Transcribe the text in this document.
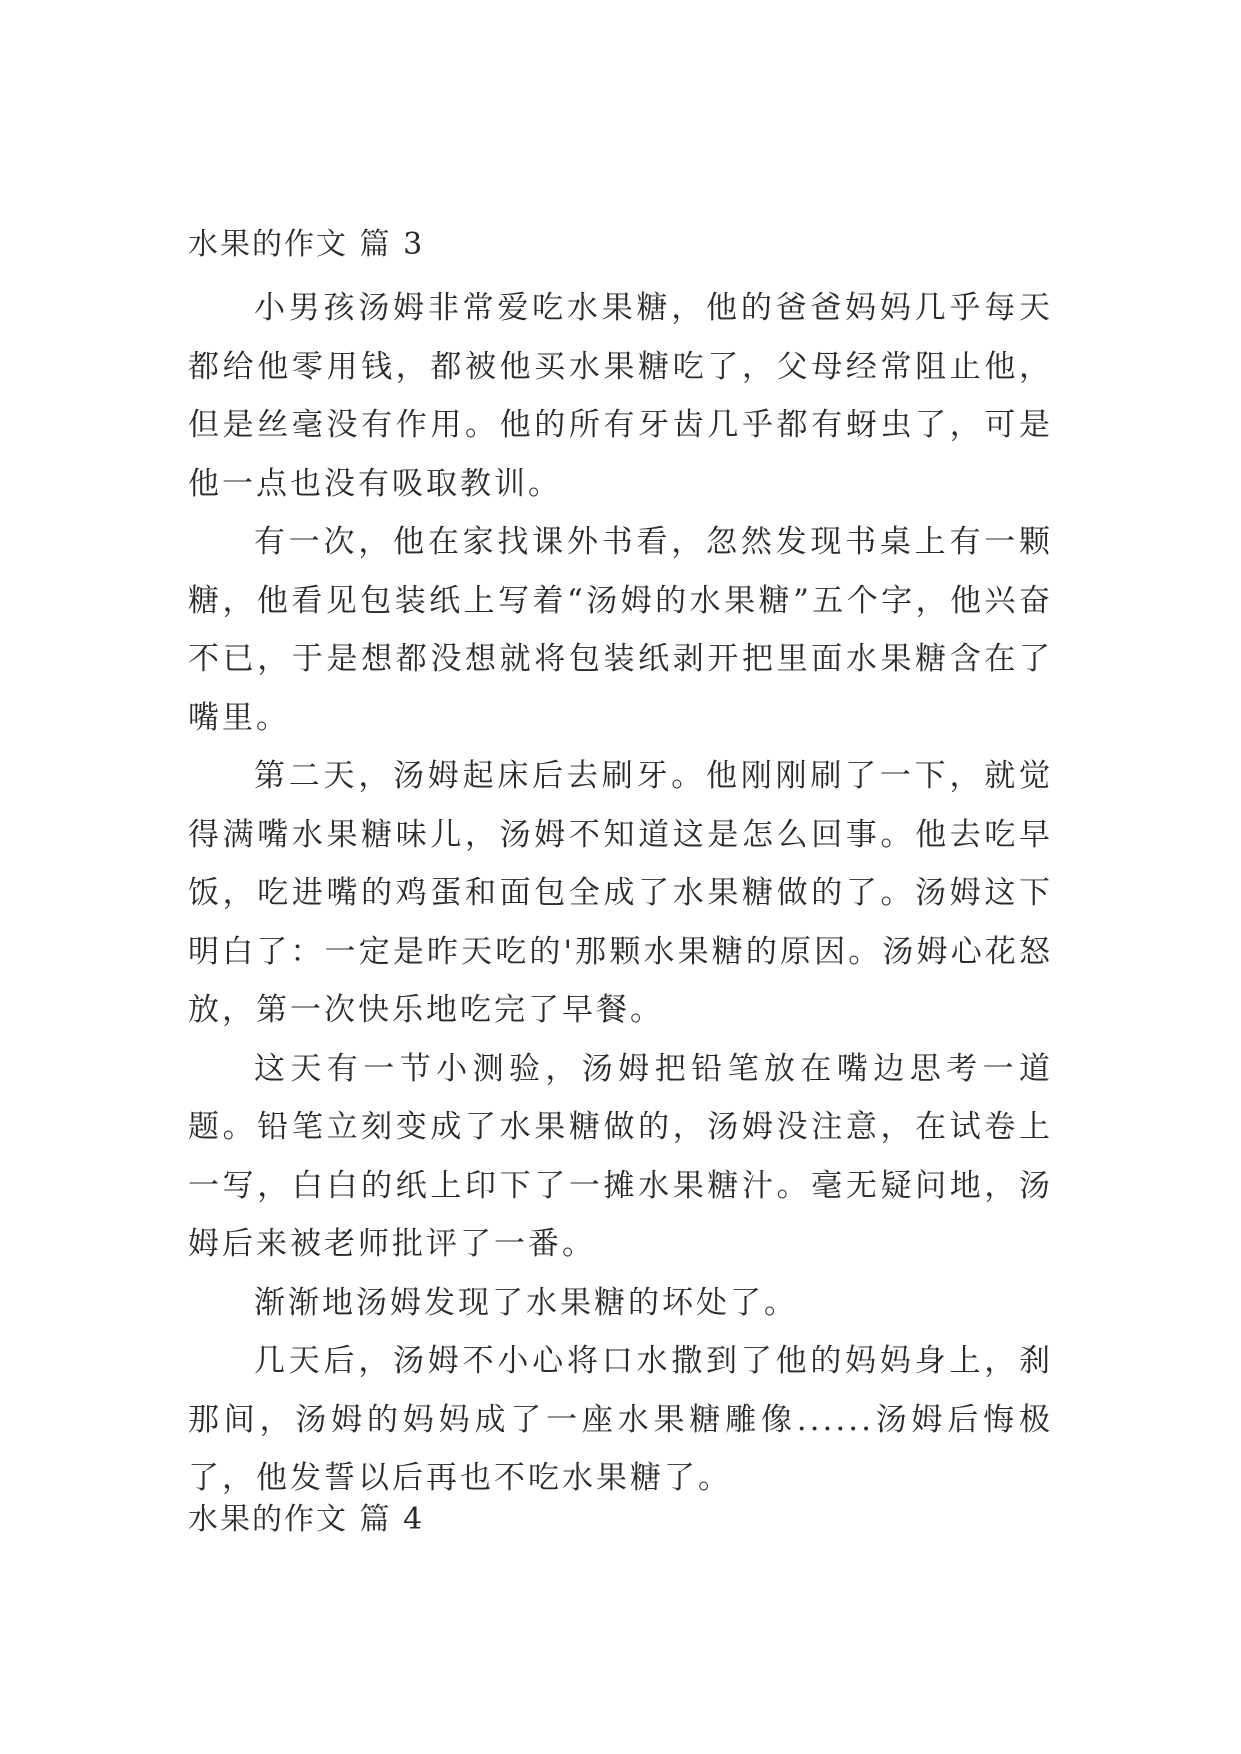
水果的作文 篇 3

小男孩汤姆非常爱吃水果糖，他的爸爸妈妈几乎每天都给他零用钱，都被他买水果糖吃了，父母经常阻止他，但是丝毫没有作用。他的所有牙齿几乎都有蚜虫了，可是他一点也没有吸取教训。

有一次，他在家找课外书看，忽然发现书桌上有一颗糖，他看见包装纸上写着“汤姆的水果糖”五个字，他兴奋不已，于是想都没想就将包装纸剥开把里面水果糖含在了嘴里。

第二天，汤姆起床后去刷牙。他刚刚刷了一下，就觉得满嘴水果糖味儿，汤姆不知道这是怎么回事。他去吃早饭，吃进嘴的鸡蛋和面包全成了水果糖做的了。汤姆这下明白了：一定是昨天吃的'那颗水果糖的原因。汤姆心花怒放，第一次快乐地吃完了早餐。

这天有一节小测验，汤姆把铅笔放在嘴边思考一道题。铅笔立刻变成了水果糖做的，汤姆没注意，在试卷上一写，白白的纸上印下了一摊水果糖汁。毫无疑问地，汤姆后来被老师批评了一番。

渐渐地汤姆发现了水果糖的坏处了。

几天后，汤姆不小心将口水撒到了他的妈妈身上，刹那间，汤姆的妈妈成了一座水果糖雕像......汤姆后悔极了，他发誓以后再也不吃水果糖了。

水果的作文 篇 4
